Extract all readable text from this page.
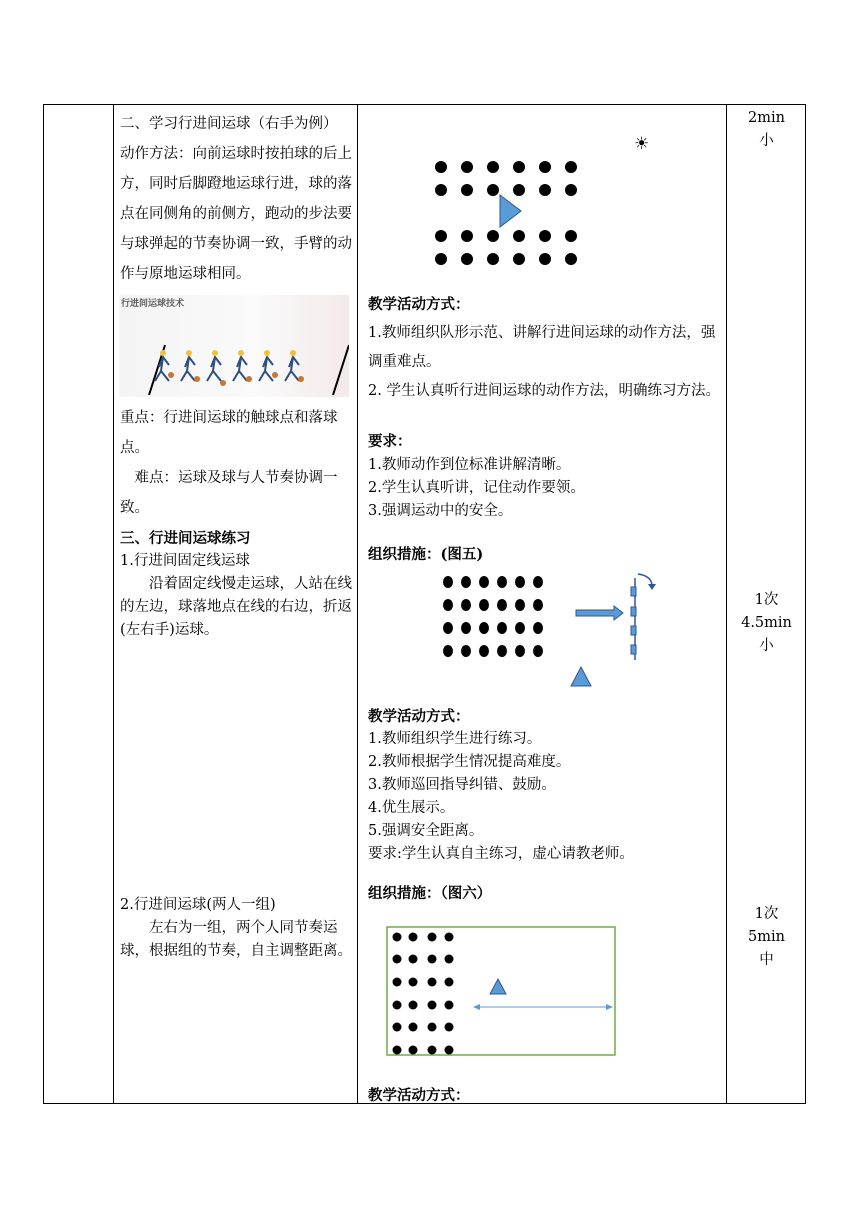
二、学习行进间运球（右手为例）

动作方法：向前运球时按拍球的后上方，同时后脚蹬地运球行进，球的落点在同侧角的前侧方，跑动的步法要与球弹起的节奏协调一致，手臂的动作与原地运球相同。

行进间运球技术

重点：行进间运球的触球点和落球点。

难点：运球及球与人节奏协调一致。

三、行进间运球练习

1.行进间固定线运球

沿着固定线慢走运球，人站在线的左边，球落地点在线的右边，折返(左右手)运球。

2.行进间运球(两人一组)

左右为一组，两个人同节奏运球，根据组的节奏，自主调整距离。

☀
教学活动方式：
1.教师组织队形示范、讲解行进间运球的动作方法，强调重难点。
2. 学生认真听行进间运球的动作方法，明确练习方法。
要求：
1.教师动作到位标准讲解清晰。
2.学生认真听讲，记住动作要领。
3.强调运动中的安全。
组织措施：(图五)
教学活动方式：
1.教师组织学生进行练习。
2.教师根据学生情况提高难度。
3.教师巡回指导纠错、鼓励。
4.优生展示。
5.强调安全距离。
要求:学生认真自主练习，虚心请教老师。
组织措施：（图六）
教学活动方式：
2min
小
1次
4.5min
小
1次
5min
中
